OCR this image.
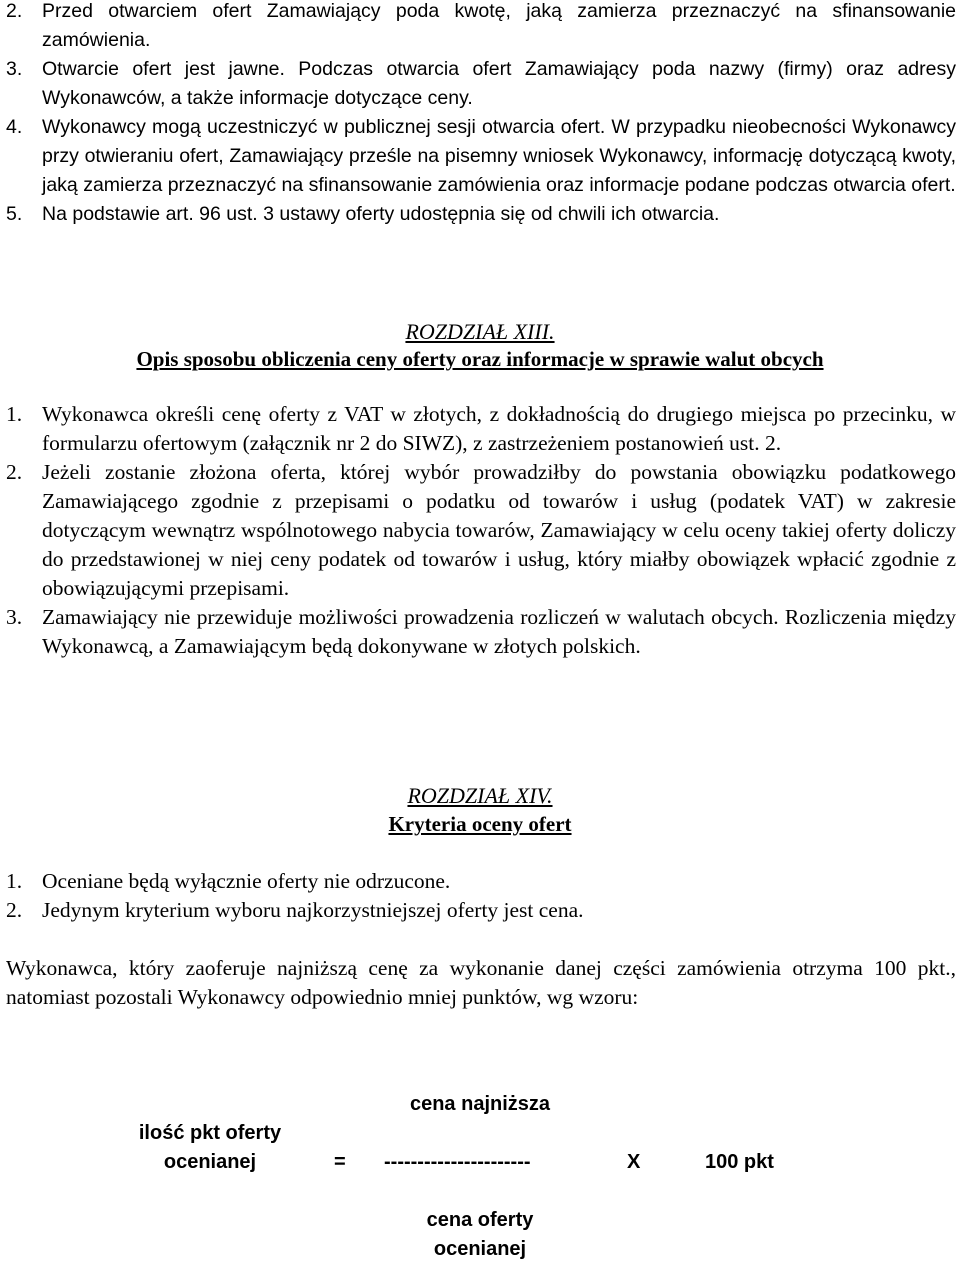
2. Przed otwarciem ofert Zamawiający poda kwotę, jaką zamierza przeznaczyć na sfinansowanie zamówienia.
3. Otwarcie ofert jest jawne. Podczas otwarcia ofert Zamawiający poda nazwy (firmy) oraz adresy Wykonawców, a także informacje dotyczące ceny.
4. Wykonawcy mogą uczestniczyć w publicznej sesji otwarcia ofert. W przypadku nieobecności Wykonawcy przy otwieraniu ofert, Zamawiający prześle na pisemny wniosek Wykonawcy, informację dotyczącą kwoty, jaką zamierza przeznaczyć na sfinansowanie zamówienia oraz informacje podane podczas otwarcia ofert.
5. Na podstawie art. 96 ust. 3 ustawy oferty udostępnia się od chwili ich otwarcia.
ROZDZIAŁ XIII.
Opis sposobu obliczenia ceny oferty oraz informacje w sprawie walut obcych
1. Wykonawca określi cenę oferty z VAT w złotych, z dokładnością do drugiego miejsca po przecinku, w formularzu ofertowym (załącznik nr 2 do SIWZ), z zastrzeżeniem postanowień ust. 2.
2. Jeżeli zostanie złożona oferta, której wybór prowadziłby do powstania obowiązku podatkowego Zamawiającego zgodnie z przepisami o podatku od towarów i usług (podatek VAT) w zakresie dotyczącym wewnątrz wspólnotowego nabycia towarów, Zamawiający w celu oceny takiej oferty doliczy do przedstawionej w niej ceny podatek od towarów i usług, który miałby obowiązek wpłacić zgodnie z obowiązującymi przepisami.
3. Zamawiający nie przewiduje możliwości prowadzenia rozliczeń w walutach obcych. Rozliczenia między Wykonawcą, a Zamawiającym będą dokonywane w złotych polskich.
ROZDZIAŁ XIV.
Kryteria oceny ofert
1. Oceniane będą wyłącznie oferty nie odrzucone.
2. Jedynym kryterium wyboru najkorzystniejszej oferty jest cena.
Wykonawca, który zaoferuje najniższą cenę za wykonanie danej części zamówienia otrzyma 100 pkt., natomiast pozostali Wykonawcy odpowiednio mniej punktów, wg wzoru:
cena najniższa
ilość pkt oferty
ocenianej	= ----------------------	X	100 pkt
cena oferty
ocenianej
